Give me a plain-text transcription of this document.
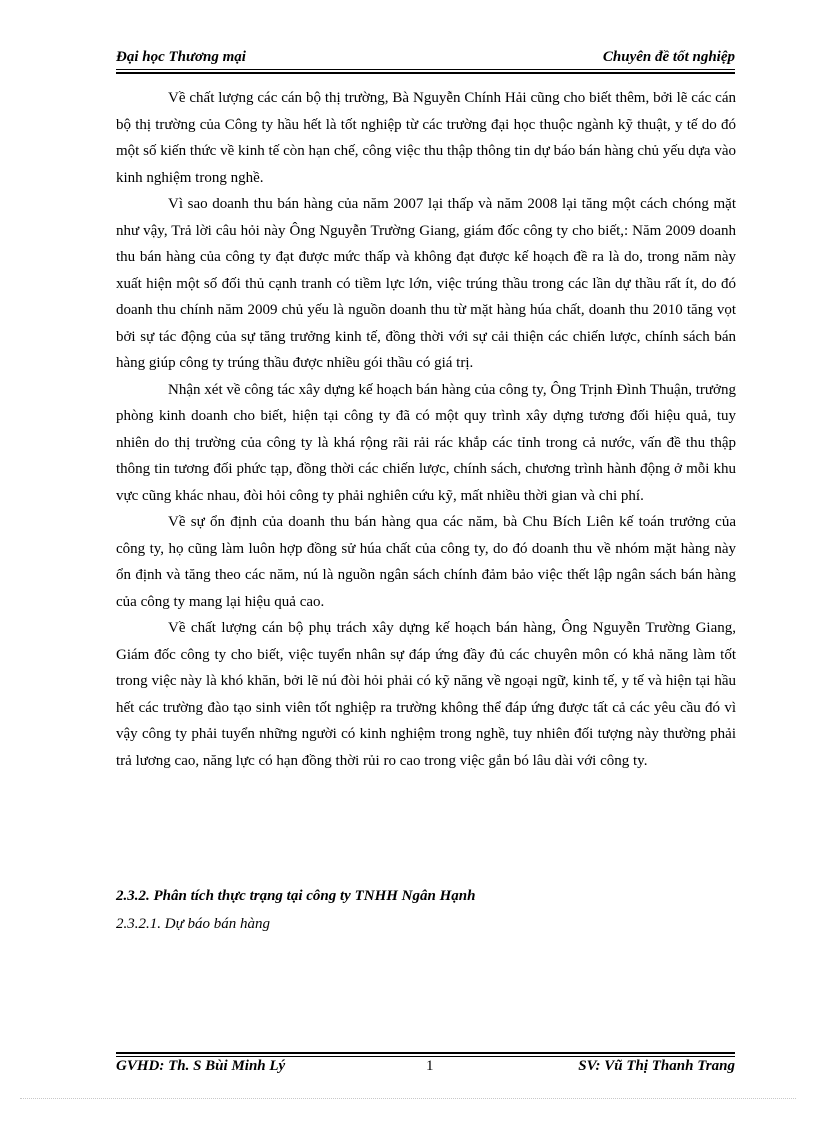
Đại học Thương mại	Chuyên đề tốt nghiệp

Về chất lượng các cán bộ thị trường, Bà Nguyễn Chính Hải cũng cho biết thêm, bởi lẽ các cán bộ thị trường của Công ty hầu hết là tốt nghiệp từ các trường đại học thuộc ngành kỹ thuật, y tế do đó một số kiến thức về kinh tế còn hạn chế, công việc thu thập thông tin dự báo bán hàng chủ yếu dựa vào kinh nghiệm trong nghề.

Vì sao doanh thu bán hàng của năm 2007 lại thấp và năm 2008 lại tăng một cách chóng mặt như vậy, Trả lời câu hỏi này Ông Nguyễn Trường Giang, giám đốc công ty cho biết,: Năm 2009 doanh thu bán hàng của công ty đạt được mức thấp và không đạt được kế hoạch đề ra là do, trong năm này xuất hiện một số đối thủ cạnh tranh có tiềm lực lớn, việc trúng thầu trong các lần dự thầu rất ít, do đó doanh thu chính năm 2009 chủ yếu là nguồn doanh thu từ mặt hàng húa chất, doanh thu 2010 tăng vọt bởi sự tác động của sự tăng trưởng kinh tế, đồng thời với sự cải thiện các chiến lược, chính sách bán hàng giúp công ty trúng thầu được nhiều gói thầu có giá trị.

Nhận xét về công tác xây dựng kế hoạch bán hàng của công ty, Ông Trịnh Đình Thuận, trưởng phòng kinh doanh cho biết, hiện tại công ty đã có một quy trình xây dựng tương đối hiệu quả, tuy nhiên do thị trường của công ty là khá rộng rãi rải rác khắp các tỉnh trong cả nước, vấn đề thu thập thông tin tương đối phức tạp, đồng thời các chiến lược, chính sách, chương trình hành động ở mỗi khu vực cũng khác nhau, đòi hỏi công ty phải nghiên cứu kỹ, mất nhiều thời gian và chi phí.

Về sự ổn định của doanh thu bán hàng qua các năm, bà Chu Bích Liên kế toán trưởng của công ty, họ cũng làm luôn hợp đồng sử húa chất của công ty, do đó doanh thu về nhóm mặt hàng này ổn định và tăng theo các năm, nú là nguồn ngân sách chính đảm bảo việc thết lập ngân sách bán hàng của công ty mang lại hiệu quả cao.

Về chất lượng cán bộ phụ trách xây dựng kế hoạch bán hàng, Ông Nguyễn Trường Giang, Giám đốc công ty cho biết, việc tuyển nhân sự đáp ứng đầy đủ các chuyên môn có khả năng làm tốt trong việc này là khó khăn, bởi lẽ nú đòi hỏi phải có kỹ năng về ngoại ngữ, kinh tế, y tế và hiện tại hầu hết các trường đào tạo sinh viên tốt nghiệp ra trường không thể đáp ứng được tất cả các yêu cầu đó vì vậy công ty phải tuyển những người có kinh nghiệm trong nghề, tuy nhiên đối tượng này thường phải trả lương cao, năng lực có hạn đồng thời rủi ro cao trong việc gắn bó lâu dài với công ty.

2.3.2. Phân tích thực trạng tại công ty TNHH Ngân Hạnh
2.3.2.1. Dự báo bán hàng
GVHD: Th. S Bùi Minh Lý	1	SV: Vũ Thị Thanh Trang
